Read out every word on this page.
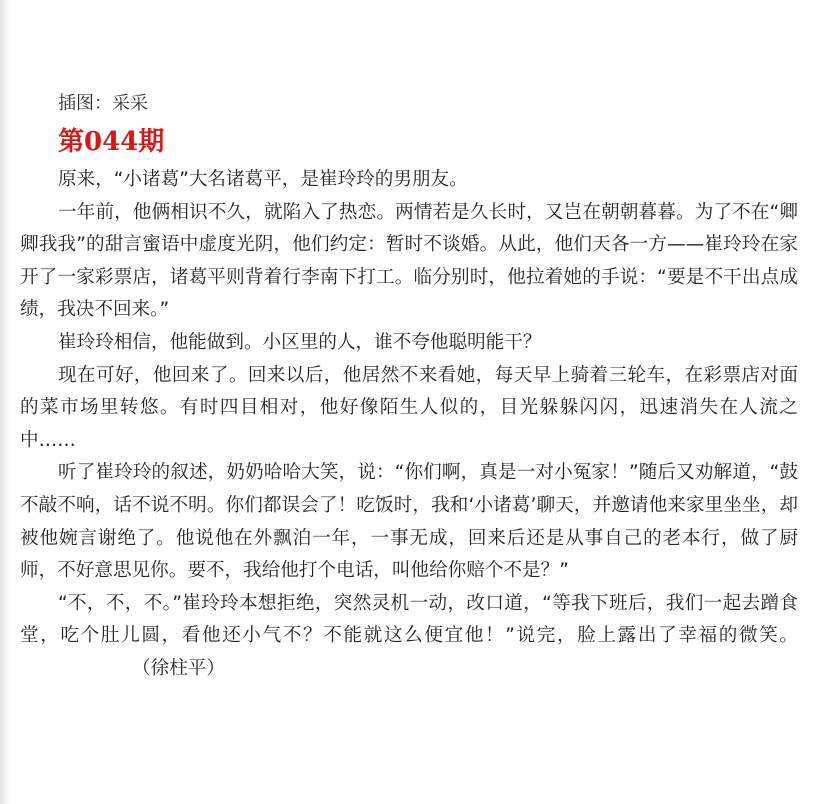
插图：采采

第044期

原来，“小诸葛”大名诸葛平，是崔玲玲的男朋友。

一年前，他俩相识不久，就陷入了热恋。两情若是久长时，又岂在朝朝暮暮。为了不在“卿卿我我”的甜言蜜语中虚度光阴，他们约定：暂时不谈婚。从此，他们天各一方——崔玲玲在家开了一家彩票店，诸葛平则背着行李南下打工。临分别时，他拉着她的手说：“要是不干出点成绩，我决不回来。”

崔玲玲相信，他能做到。小区里的人，谁不夸他聪明能干？

现在可好，他回来了。回来以后，他居然不来看她，每天早上骑着三轮车，在彩票店对面的菜市场里转悠。有时四目相对，他好像陌生人似的，目光躲躲闪闪，迅速消失在人流之中……

听了崔玲玲的叙述，奶奶哈哈大笑，说：“你们啊，真是一对小冤家！”随后又劝解道，“鼓不敲不响，话不说不明。你们都误会了！吃饭时，我和‘小诸葛’聊天，并邀请他来家里坐坐，却被他婉言谢绝了。他说他在外飘泊一年，一事无成，回来后还是从事自己的老本行，做了厨师，不好意思见你。要不，我给他打个电话，叫他给你赔个不是？”

“不，不，不。”崔玲玲本想拒绝，突然灵机一动，改口道，“等我下班后，我们一起去蹭食堂，吃个肚儿圆，看他还小气不？不能就这么便宜他！”说完，脸上露出了幸福的微笑。（徐柱平）
